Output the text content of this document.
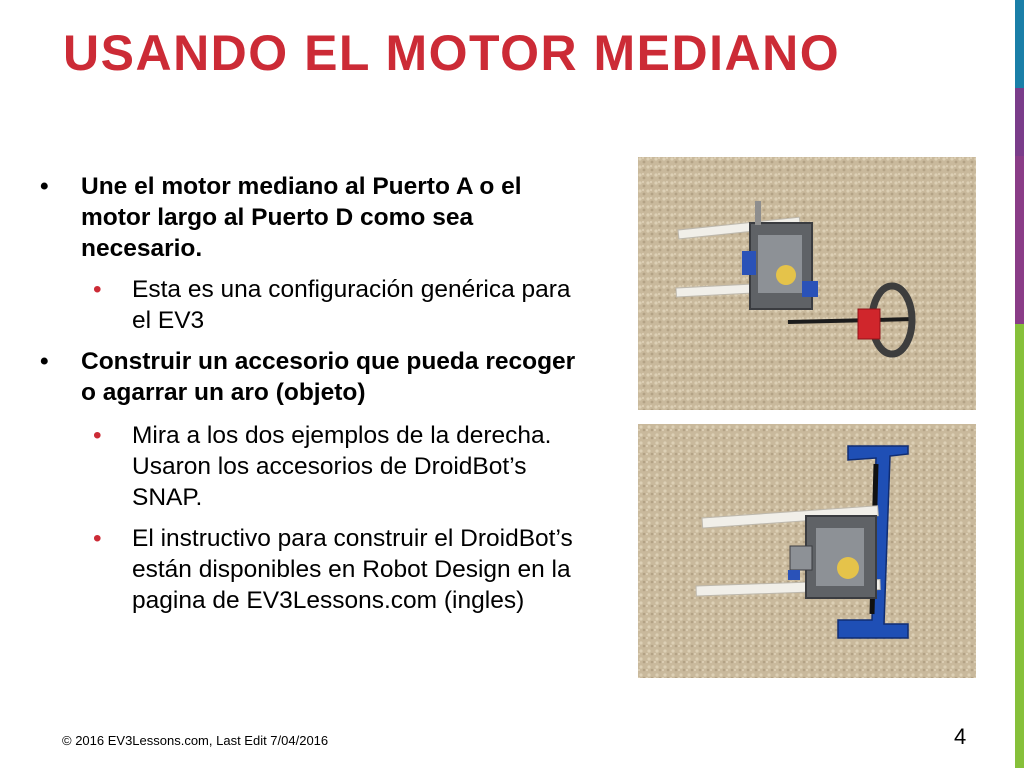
USANDO EL MOTOR MEDIANO
• Une el motor mediano al Puerto A o el motor largo al Puerto D como sea necesario.
• Esta es una configuración genérica para el EV3
• Construir un accesorio que pueda recoger o agarrar un aro (objeto)
• Mira a los dos ejemplos de la derecha. Usaron los accesorios de DroidBot’s SNAP.
• El instructivo para construir el DroidBot’s están disponibles en Robot Design en la pagina de EV3Lessons.com (ingles)
© 2016 EV3Lessons.com, Last Edit 7/04/2016	4
